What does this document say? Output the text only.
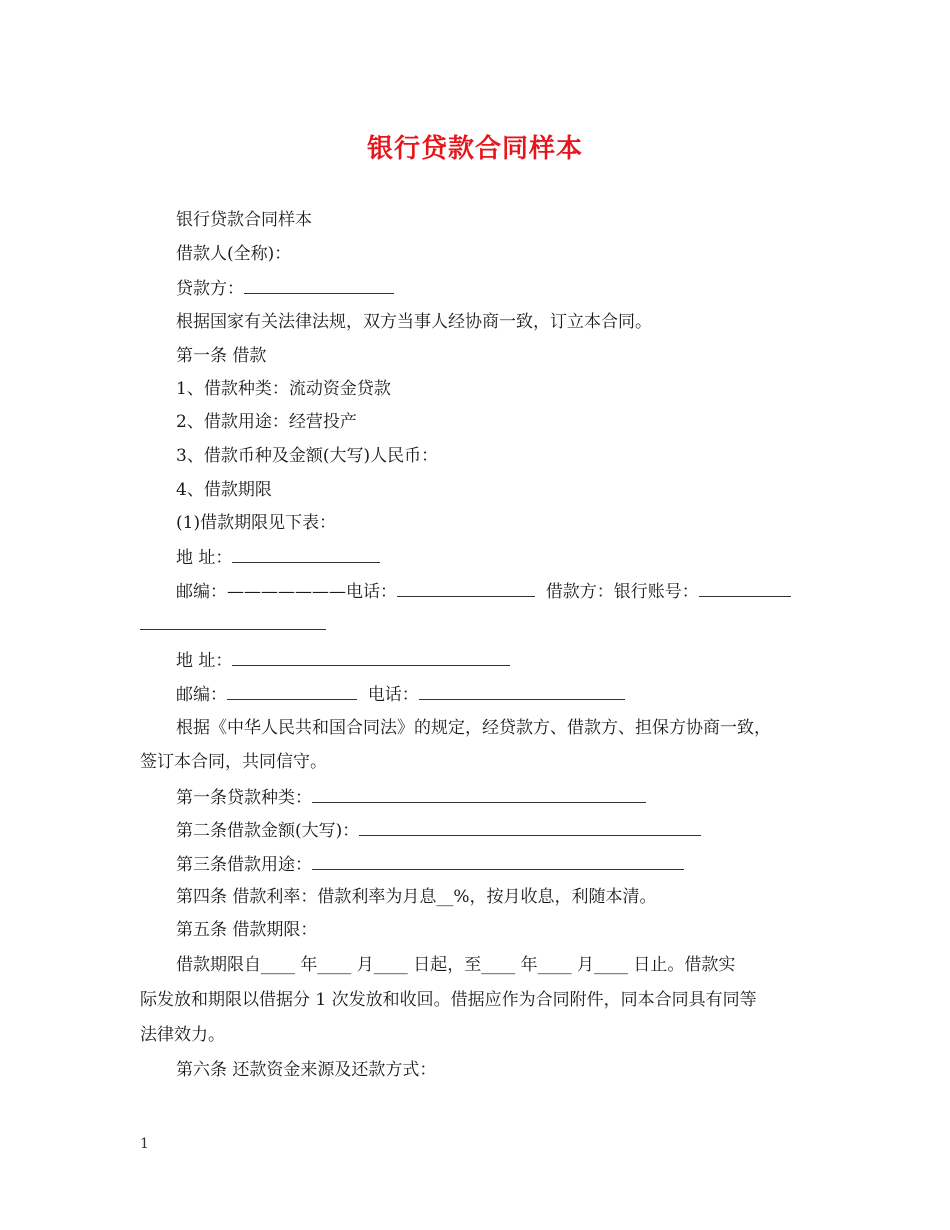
银行贷款合同样本
银行贷款合同样本
借款人(全称)：
贷款方：
根据国家有关法律法规，双方当事人经协商一致，订立本合同。
第一条 借款
1、借款种类：流动资金贷款
2、借款用途：经营投产
3、借款币种及金额(大写)人民币：
4、借款期限
(1)借款期限见下表：
地 址：
邮编：———————电话：	借款方：银行账号：
地 址：
邮编：	电话：
根据《中华人民共和国合同法》的规定，经贷款方、借款方、担保方协商一致，
签订本合同，共同信守。
第一条贷款种类：
第二条借款金额(大写)：
第三条借款用途：
第四条 借款利率：借款利率为月息__%，按月收息，利随本清。
第五条 借款期限：
借款期限自____ 年____ 月____ 日起，至____ 年____ 月____ 日止。借款实
际发放和期限以借据分 1 次发放和收回。借据应作为合同附件，同本合同具有同等
法律效力。
第六条 还款资金来源及还款方式：
1
